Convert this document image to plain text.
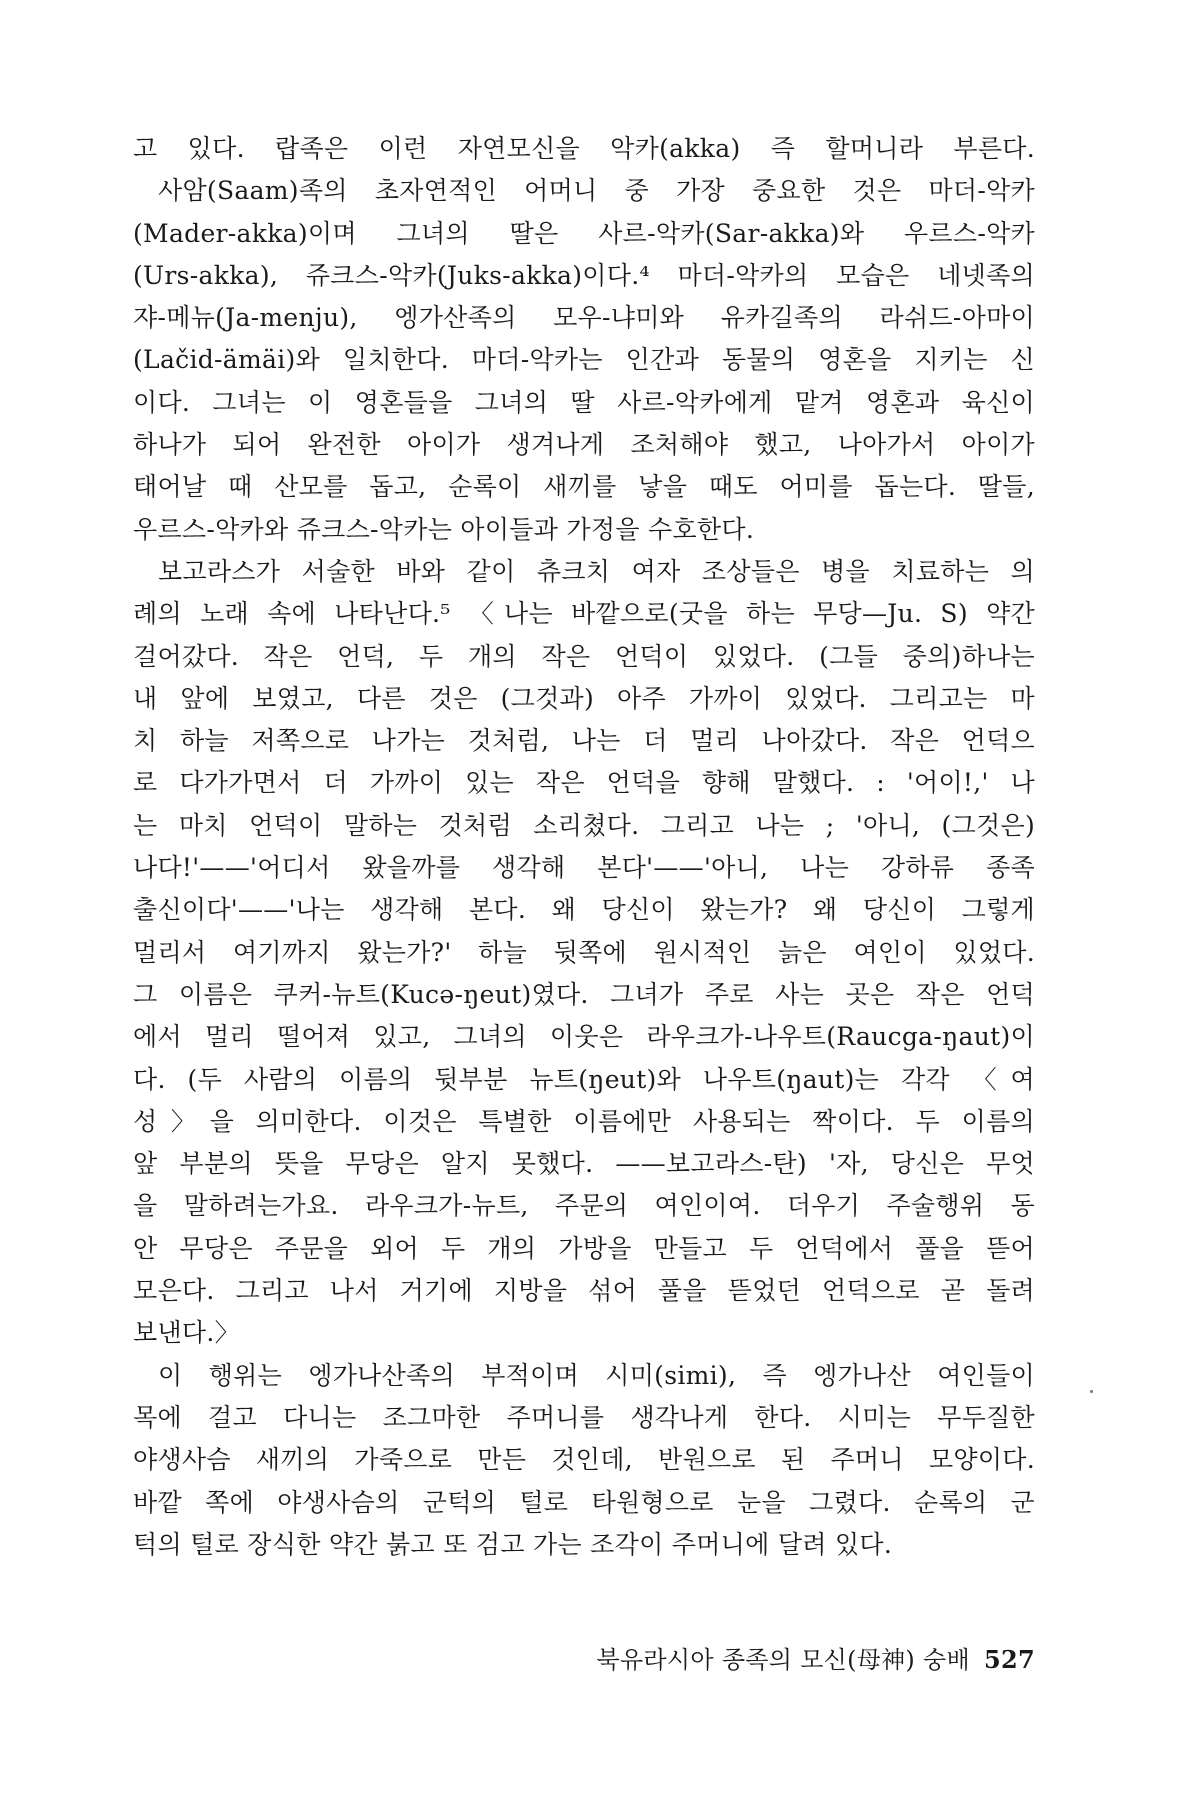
고 있다. 랍족은 이런 자연모신을 악카(akka) 즉 할머니라 부른다.
사암(Saam)족의 초자연적인 어머니 중 가장 중요한 것은 마더-악카
(Mader-akka)이며 그녀의 딸은 사르-악카(Sar-akka)와 우르스-악카
(Urs-akka), 쥬크스-악카(Juks-akka)이다.⁴ 마더-악카의 모습은 네넷족의
쟈-메뉴(Ja-menju), 엥가산족의 모우-냐미와 유카길족의 라쉬드-아마이
(Lačid-ämäi)와 일치한다. 마더-악카는 인간과 동물의 영혼을 지키는 신
이다. 그녀는 이 영혼들을 그녀의 딸 사르-악카에게 맡겨 영혼과 육신이
하나가 되어 완전한 아이가 생겨나게 조처해야 했고, 나아가서 아이가
태어날 때 산모를 돕고, 순록이 새끼를 낳을 때도 어미를 돕는다. 딸들,
우르스-악카와 쥬크스-악카는 아이들과 가정을 수호한다.
보고라스가 서술한 바와 같이 츄크치 여자 조상들은 병을 치료하는 의
례의 노래 속에 나타난다.⁵ 〈나는 바깥으로(굿을 하는 무당—Ju. S) 약간
걸어갔다. 작은 언덕, 두 개의 작은 언덕이 있었다. (그들 중의)하나는
내 앞에 보였고, 다른 것은 (그것과) 아주 가까이 있었다. 그리고는 마
치 하늘 저쪽으로 나가는 것처럼, 나는 더 멀리 나아갔다. 작은 언덕으
로 다가가면서 더 가까이 있는 작은 언덕을 향해 말했다. : '어이!,' 나
는 마치 언덕이 말하는 것처럼 소리쳤다. 그리고 나는 ; '아니, (그것은)
나다!'——'어디서 왔을까를 생각해 본다'——'아니, 나는 강하류 종족
출신이다'——'나는 생각해 본다. 왜 당신이 왔는가? 왜 당신이 그렇게
멀리서 여기까지 왔는가?' 하늘 뒷쪽에 원시적인 늙은 여인이 있었다.
그 이름은 쿠커-뉴트(Kucə-ŋeut)였다. 그녀가 주로 사는 곳은 작은 언덕
에서 멀리 떨어져 있고, 그녀의 이웃은 라우크가-나우트(Raucga-ŋaut)이
다. (두 사람의 이름의 뒷부분 뉴트(ŋeut)와 나우트(ŋaut)는 각각 〈여
성〉을 의미한다. 이것은 특별한 이름에만 사용되는 짝이다. 두 이름의
앞 부분의 뜻을 무당은 알지 못했다. ——보고라스-탄) '자, 당신은 무엇
을 말하려는가요. 라우크가-뉴트, 주문의 여인이여. 더우기 주술행위 동
안 무당은 주문을 외어 두 개의 가방을 만들고 두 언덕에서 풀을 뜯어
모은다. 그리고 나서 거기에 지방을 섞어 풀을 뜯었던 언덕으로 곧 돌려
보낸다.〉
이 행위는 엥가나산족의 부적이며 시미(simi), 즉 엥가나산 여인들이
목에 걸고 다니는 조그마한 주머니를 생각나게 한다. 시미는 무두질한
야생사슴 새끼의 가죽으로 만든 것인데, 반원으로 된 주머니 모양이다.
바깥 쪽에 야생사슴의 군턱의 털로 타원형으로 눈을 그렸다. 순록의 군
턱의 털로 장식한 약간 붉고 또 검고 가는 조각이 주머니에 달려 있다.
북유라시아 종족의 모신(母神) 숭배 527
